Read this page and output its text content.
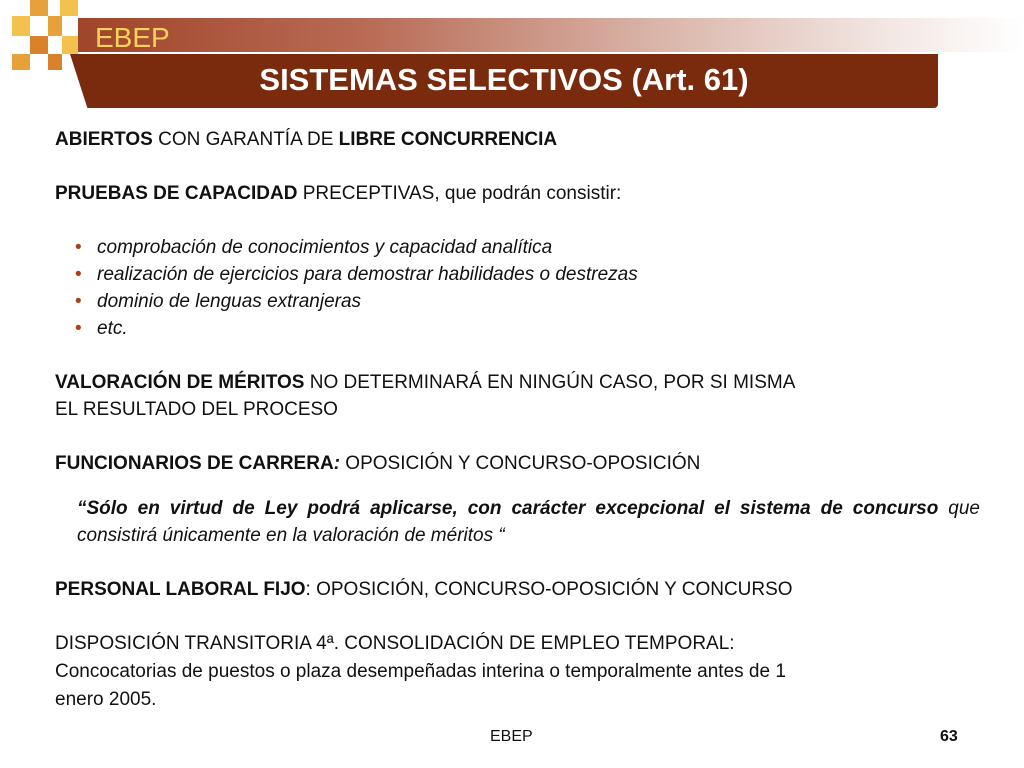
EBEP
SISTEMAS SELECTIVOS (Art. 61)

ABIERTOS CON GARANTÍA DE LIBRE CONCURRENCIA

PRUEBAS DE CAPACIDAD PRECEPTIVAS, que podrán consistir:

• comprobación de conocimientos y capacidad analítica
• realización de ejercicios para demostrar habilidades o destrezas
• dominio de lenguas extranjeras
• etc.

VALORACIÓN DE MÉRITOS NO DETERMINARÁ EN NINGÚN CASO, POR SI MISMA
EL RESULTADO DEL PROCESO

FUNCIONARIOS DE CARRERA: OPOSICIÓN Y CONCURSO-OPOSICIÓN

“Sólo en virtud de Ley podrá aplicarse, con carácter excepcional el sistema de concurso que consistirá únicamente en la valoración de méritos “

PERSONAL LABORAL FIJO: OPOSICIÓN, CONCURSO-OPOSICIÓN Y CONCURSO

DISPOSICIÓN TRANSITORIA 4ª. CONSOLIDACIÓN DE EMPLEO TEMPORAL:
Concocatorias de puestos o plaza desempeñadas interina o temporalmente antes de 1
enero 2005.

EBEP	63
